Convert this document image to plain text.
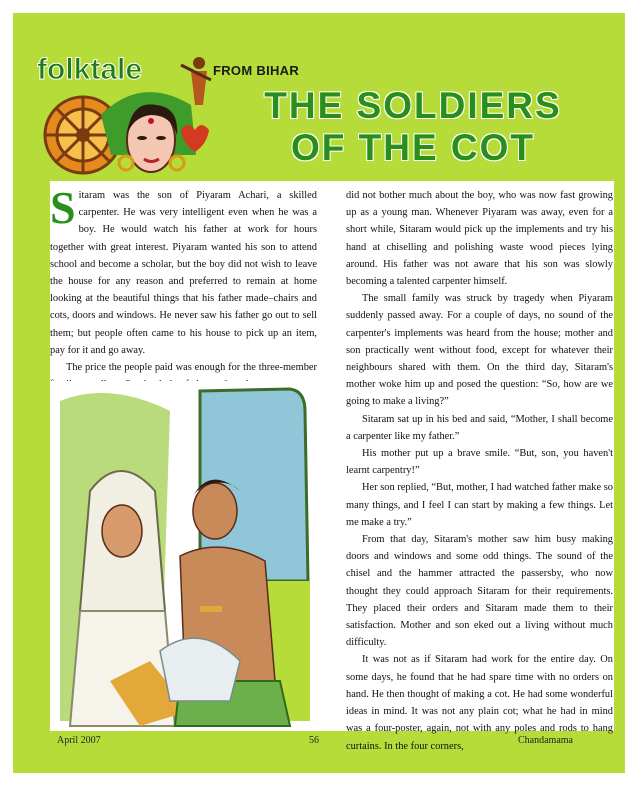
folktale	FROM BIHAR
THE SOLDIERS
OF THE COT

Sitaram was the son of Piyaram Achari, a skilled carpenter. He was very intelligent even when he was a boy. He would watch his father at work for hours together with great interest. Piyaram wanted his son to attend school and become a scholar, but the boy did not wish to leave the house for any reason and preferred to remain at home looking at the beautiful things that his father made–chairs and cots, doors and windows. He never saw his father go out to sell them; but people often came to his house to pick up an item, pay for it and go away.

The price the people paid was enough for the three-member

did not bother much about the boy, who was now fast growing up as a young man. Whenever Piyaram was away, even for a short while, Sitaram would pick up the implements and try his hand at chiselling and polishing waste wood pieces lying around. His father was not aware that his son was slowly becoming a talented carpenter himself.

The small family was struck by tragedy when Piyaram suddenly passed away. For a couple of days, no sound of the carpenter's implements was heard from the house; mother and son practically went without food, except for whatever their neighbours shared with them. On the third day, Sitaram's mother woke him up and posed the question: “So, how are we going to make a living?”

Sitaram sat up in his bed and said, “Mother, I shall become a carpenter like my father.”

His mother put up a brave smile. “But, son, you haven't learnt carpentry!”

Her son replied, “But, mother, I had watched father make so many things, and I feel I can start by making a few things. Let me make a try.”

From that day, Sitaram's mother saw him busy making doors and windows and some odd things. The sound of the chisel and the hammer attracted the passersby, who now thought they could approach Sitaram for their requirements. They placed their orders and Sitaram made them to their satisfaction. Mother and son eked out a living without much difficulty.

It was not as if Sitaram had work for the entire day. On some days, he found that he had spare time with no orders on hand. He then thought of making a cot. He had some wonderful ideas in mind. It was not any plain cot; what he had in mind was a four-poster, again, not with any poles and rods to hang curtains. In the four corners,

April 2007	56	Chandamama
